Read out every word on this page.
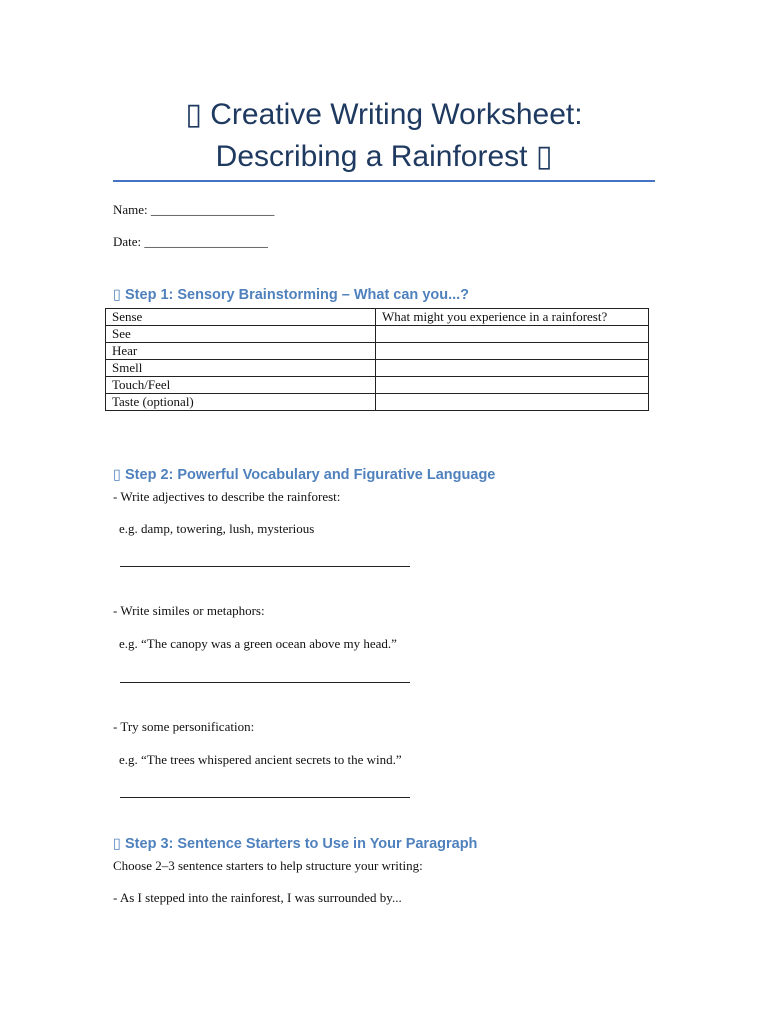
▯ Creative Writing Worksheet:
Describing a Rainforest ▯
Name: ___________________
Date: ___________________
▯ Step 1: Sensory Brainstorming – What can you...?
Sense	What might you experience in a rainforest?
See	
Hear	
Smell	
Touch/Feel	
Taste (optional)	
▯ Step 2: Powerful Vocabulary and Figurative Language
- Write adjectives to describe the rainforest:
e.g. damp, towering, lush, mysterious
- Write similes or metaphors:
e.g. “The canopy was a green ocean above my head.”
- Try some personification:
e.g. “The trees whispered ancient secrets to the wind.”
▯ Step 3: Sentence Starters to Use in Your Paragraph
Choose 2–3 sentence starters to help structure your writing:
- As I stepped into the rainforest, I was surrounded by...
